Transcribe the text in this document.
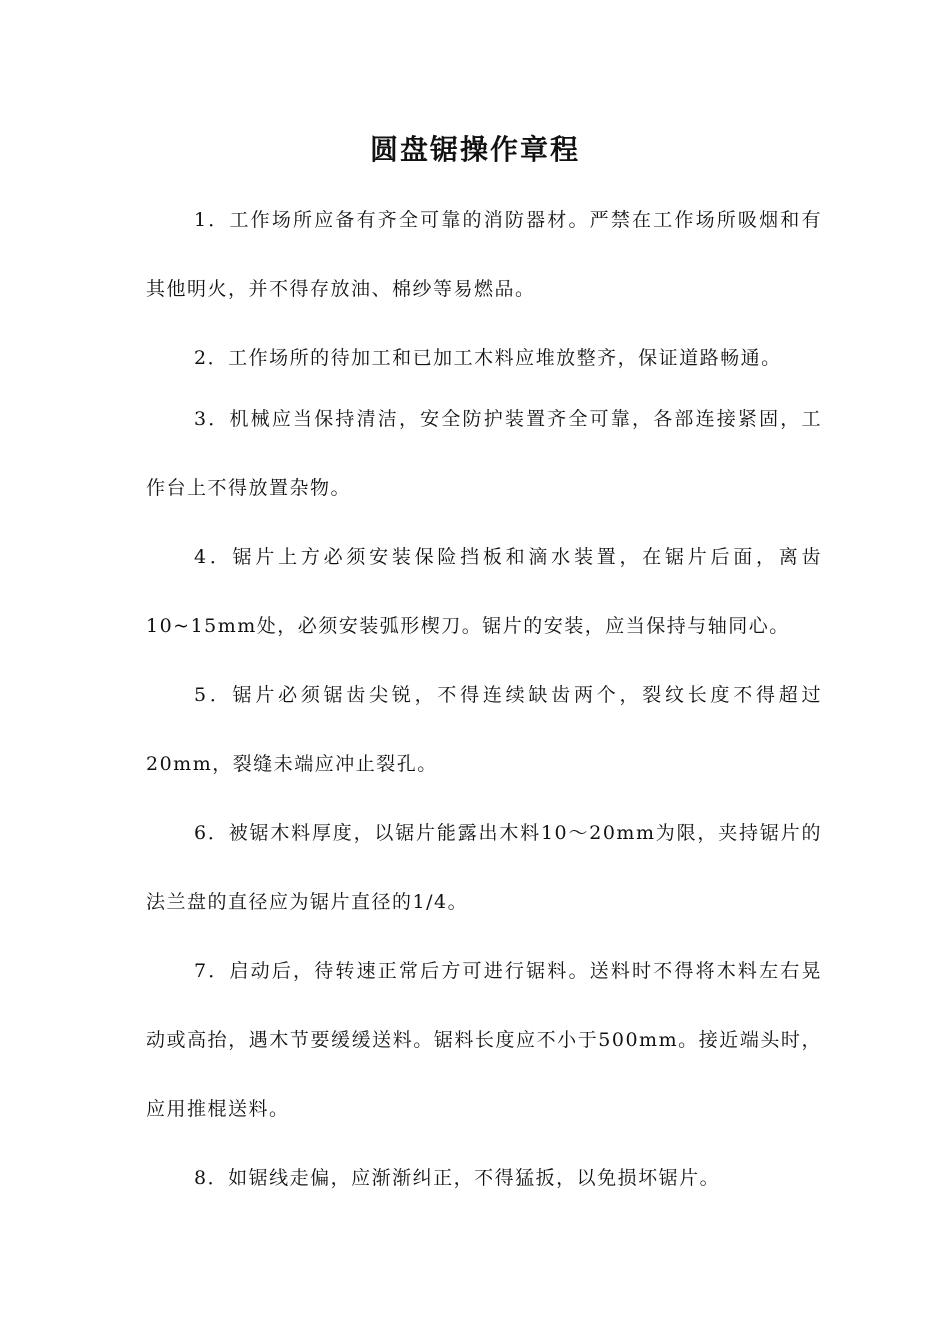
圆盘锯操作章程
1．工作场所应备有齐全可靠的消防器材。严禁在工作场所吸烟和有其他明火，并不得存放油、棉纱等易燃品。
2．工作场所的待加工和已加工木料应堆放整齐，保证道路畅通。
3．机械应当保持清洁，安全防护装置齐全可靠，各部连接紧固，工作台上不得放置杂物。
4．锯片上方必须安装保险挡板和滴水装置，在锯片后面，离齿10~15mm处，必须安装弧形楔刀。锯片的安装，应当保持与轴同心。
5．锯片必须锯齿尖锐，不得连续缺齿两个，裂纹长度不得超过20mm，裂缝未端应冲止裂孔。
6．被锯木料厚度，以锯片能露出木料10～20mm为限，夹持锯片的法兰盘的直径应为锯片直径的1/4。
7．启动后，待转速正常后方可进行锯料。送料时不得将木料左右晃动或高抬，遇木节要缓缓送料。锯料长度应不小于500mm。接近端头时，应用推棍送料。
8．如锯线走偏，应渐渐纠正，不得猛扳，以免损坏锯片。
